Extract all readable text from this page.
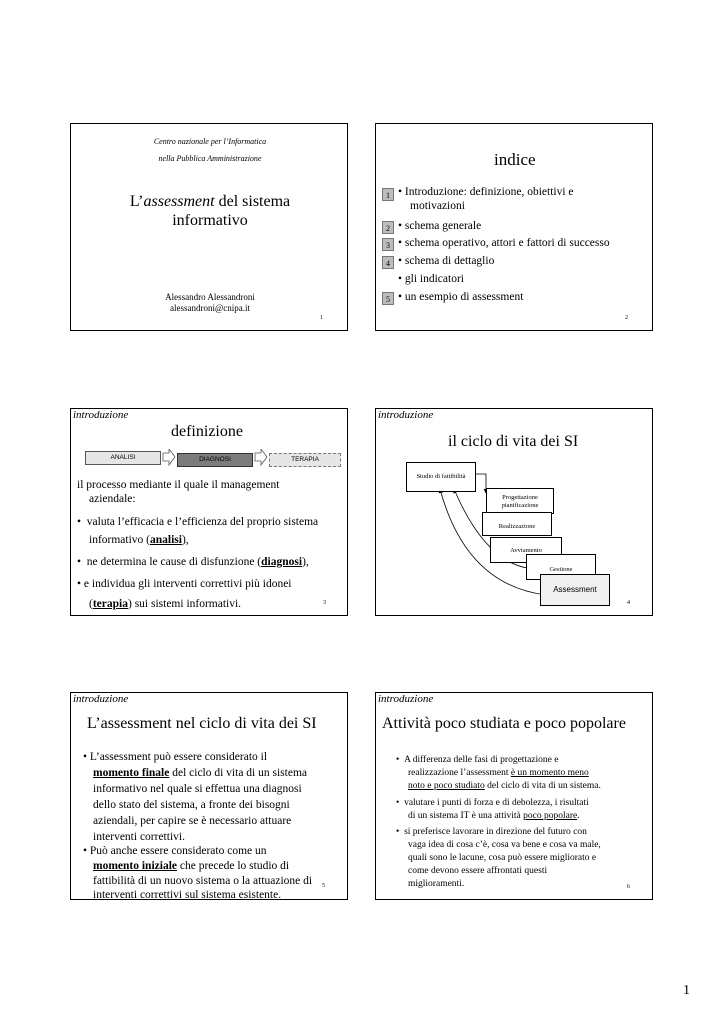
Centro nazionale per l’Informatica
nella Pubblica Amministrazione
L’assessment del sistema
informativo
Alessandro Alessandroni
alessandroni@cnipa.it
1
indice
1 • Introduzione: definizione, obiettivi e
motivazioni
2 • schema generale
3 • schema operativo, attori e fattori di successo
4 • schema di dettaglio
• gli indicatori
5 • un esempio di assessment
2
introduzione
definizione
ANALISI	DIAGNOSI	TERAPIA
il processo mediante il quale il management
aziendale:
•  valuta l’efficacia e l’efficienza del proprio sistema
informativo (analisi),
•  ne determina le cause di disfunzione (diagnosi),
• e individua gli interventi correttivi più idonei
(terapia) sui sistemi informativi.	3
introduzione
il ciclo di vita dei SI
Studio di fattibilità
Progettazione
pianificazione
Realizzazione
Avviamento
Gestione
Assessment
4
introduzione
L’assessment nel ciclo di vita dei SI
• L’assessment può essere considerato il
momento finale del ciclo di vita di un sistema
informativo nel quale si effettua una diagnosi
dello stato del sistema, a fronte dei bisogni
aziendali, per capire se è necessario attuare
interventi correttivi.
• Può anche essere considerato come un
momento iniziale che precede lo studio di
fattibilità di un nuovo sistema o la attuazione di
interventi correttivi sul sistema esistente.
5
introduzione
Attività poco studiata e poco popolare
•  A differenza delle fasi di progettazione e
realizzazione l’assessment è un momento meno
noto e poco studiato del ciclo di vita di un sistema.
•  valutare i punti di forza e di debolezza, i risultati
di un sistema IT è una attività poco popolare.
•  si preferisce lavorare in direzione del futuro con
vaga idea di cosa c’è, cosa va bene e cosa va male,
quali sono le lacune, cosa può essere migliorato e
come devono essere affrontati questi
miglioramenti.	6
1
